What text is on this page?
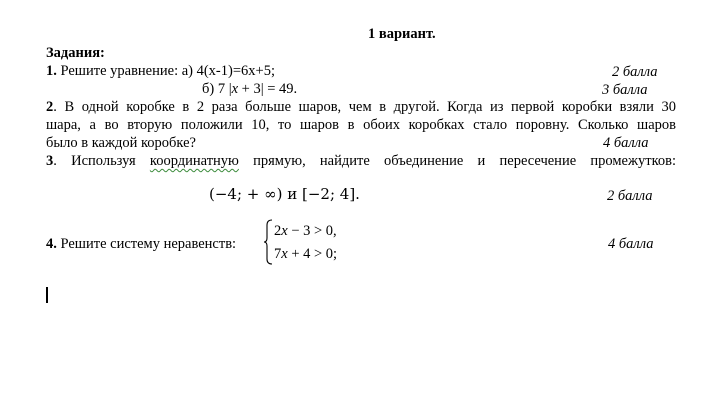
1 вариант.
Задания:
1. Решите уравнение: а) 4(х-1)=6х+5;	2 балла
б) 7 |x + 3| = 49.	3 балла
2. В одной коробке в 2 раза больше шаров, чем в другой. Когда из первой коробки взяли 30
шара, а во вторую положили 10, то шаров в обоих коробках стало поровну. Сколько шаров
было в каждой коробке?	4 балла
3. Используя координатную прямую, найдите объединение и пересечение промежутков:
(−4; + ∞) и [−2; 4].	2 балла
4. Решите систему неравенств:
2x − 3 > 0,
7x + 4 > 0;
4 балла
